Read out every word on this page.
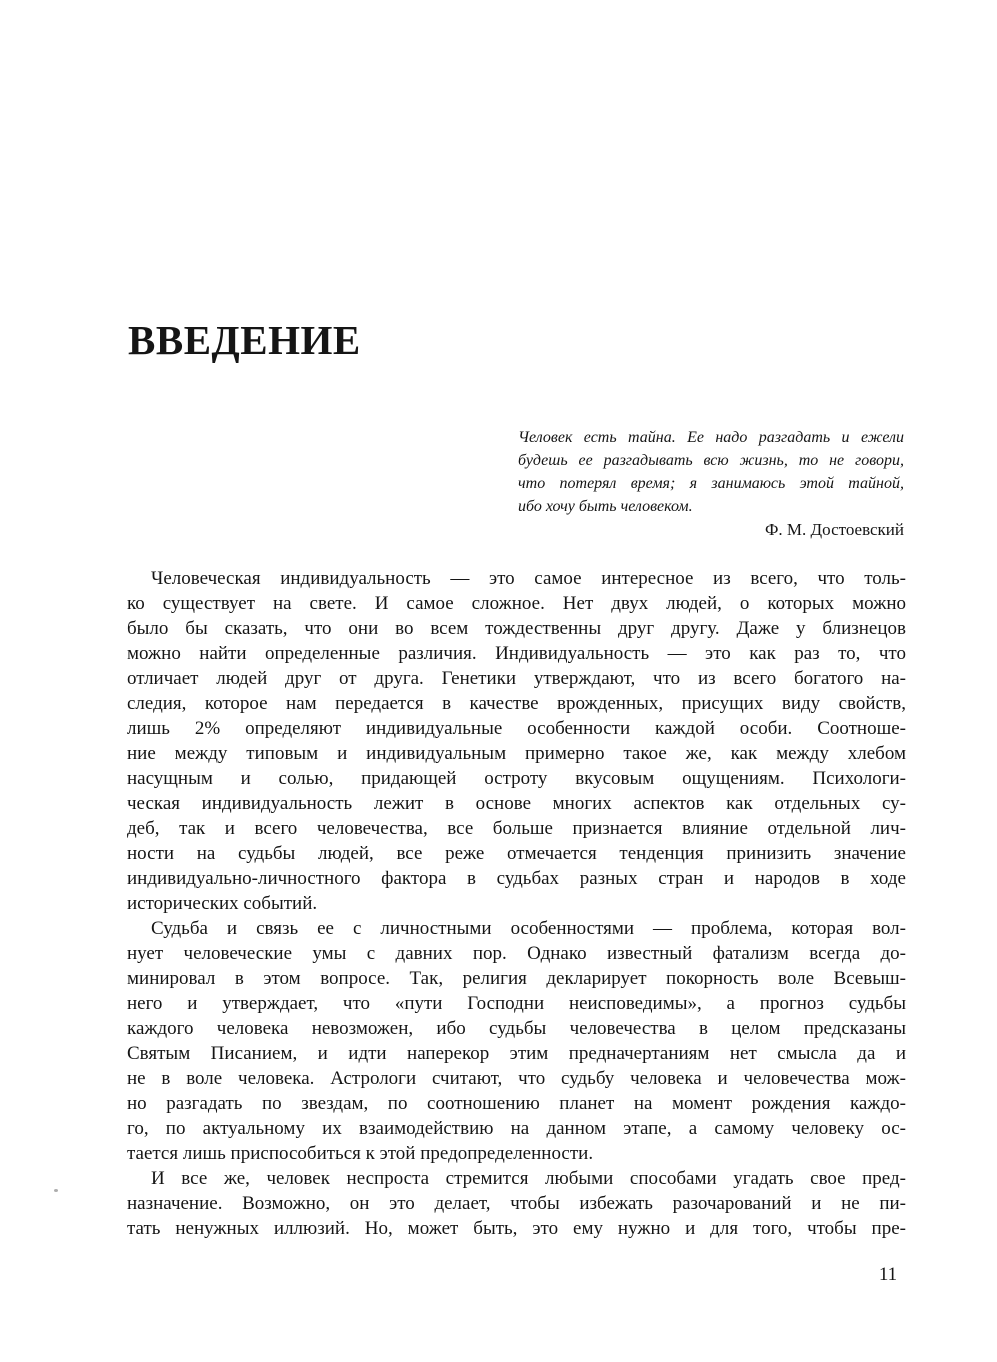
ВВЕДЕНИЕ
Человек есть тайна. Ее надо разгадать и ежели
будешь ее разгадывать всю жизнь, то не говори,
что потерял время; я занимаюсь этой тайной,
ибо хочу быть человеком.
Ф. М. Достоевский
Человеческая индивидуальность — это самое интересное из всего, что толь-
ко существует на свете. И самое сложное. Нет двух людей, о которых можно
было бы сказать, что они во всем тождественны друг другу. Даже у близнецов
можно найти определенные различия. Индивидуальность — это как раз то, что
отличает людей друг от друга. Генетики утверждают, что из всего богатого на-
следия, которое нам передается в качестве врожденных, присущих виду свойств,
лишь 2% определяют индивидуальные особенности каждой особи. Соотноше-
ние между типовым и индивидуальным примерно такое же, как между хлебом
насущным и солью, придающей остроту вкусовым ощущениям. Психологи-
ческая индивидуальность лежит в основе многих аспектов как отдельных су-
деб, так и всего человечества, все больше признается влияние отдельной лич-
ности на судьбы людей, все реже отмечается тенденция принизить значение
индивидуально-личностного фактора в судьбах разных стран и народов в ходе
исторических событий.
Судьба и связь ее с личностными особенностями — проблема, которая вол-
нует человеческие умы с давних пор. Однако известный фатализм всегда до-
минировал в этом вопросе. Так, религия декларирует покорность воле Всевыш-
него и утверждает, что «пути Господни неисповедимы», а прогноз судьбы
каждого человека невозможен, ибо судьбы человечества в целом предсказаны
Святым Писанием, и идти наперекор этим предначертаниям нет смысла да и
не в воле человека. Астрологи считают, что судьбу человека и человечества мож-
но разгадать по звездам, по соотношению планет на момент рождения каждо-
го, по актуальному их взаимодействию на данном этапе, а самому человеку ос-
тается лишь приспособиться к этой предопределенности.
И все же, человек неспроста стремится любыми способами угадать свое пред-
назначение. Возможно, он это делает, чтобы избежать разочарований и не пи-
тать ненужных иллюзий. Но, может быть, это ему нужно и для того, чтобы пре-
11
